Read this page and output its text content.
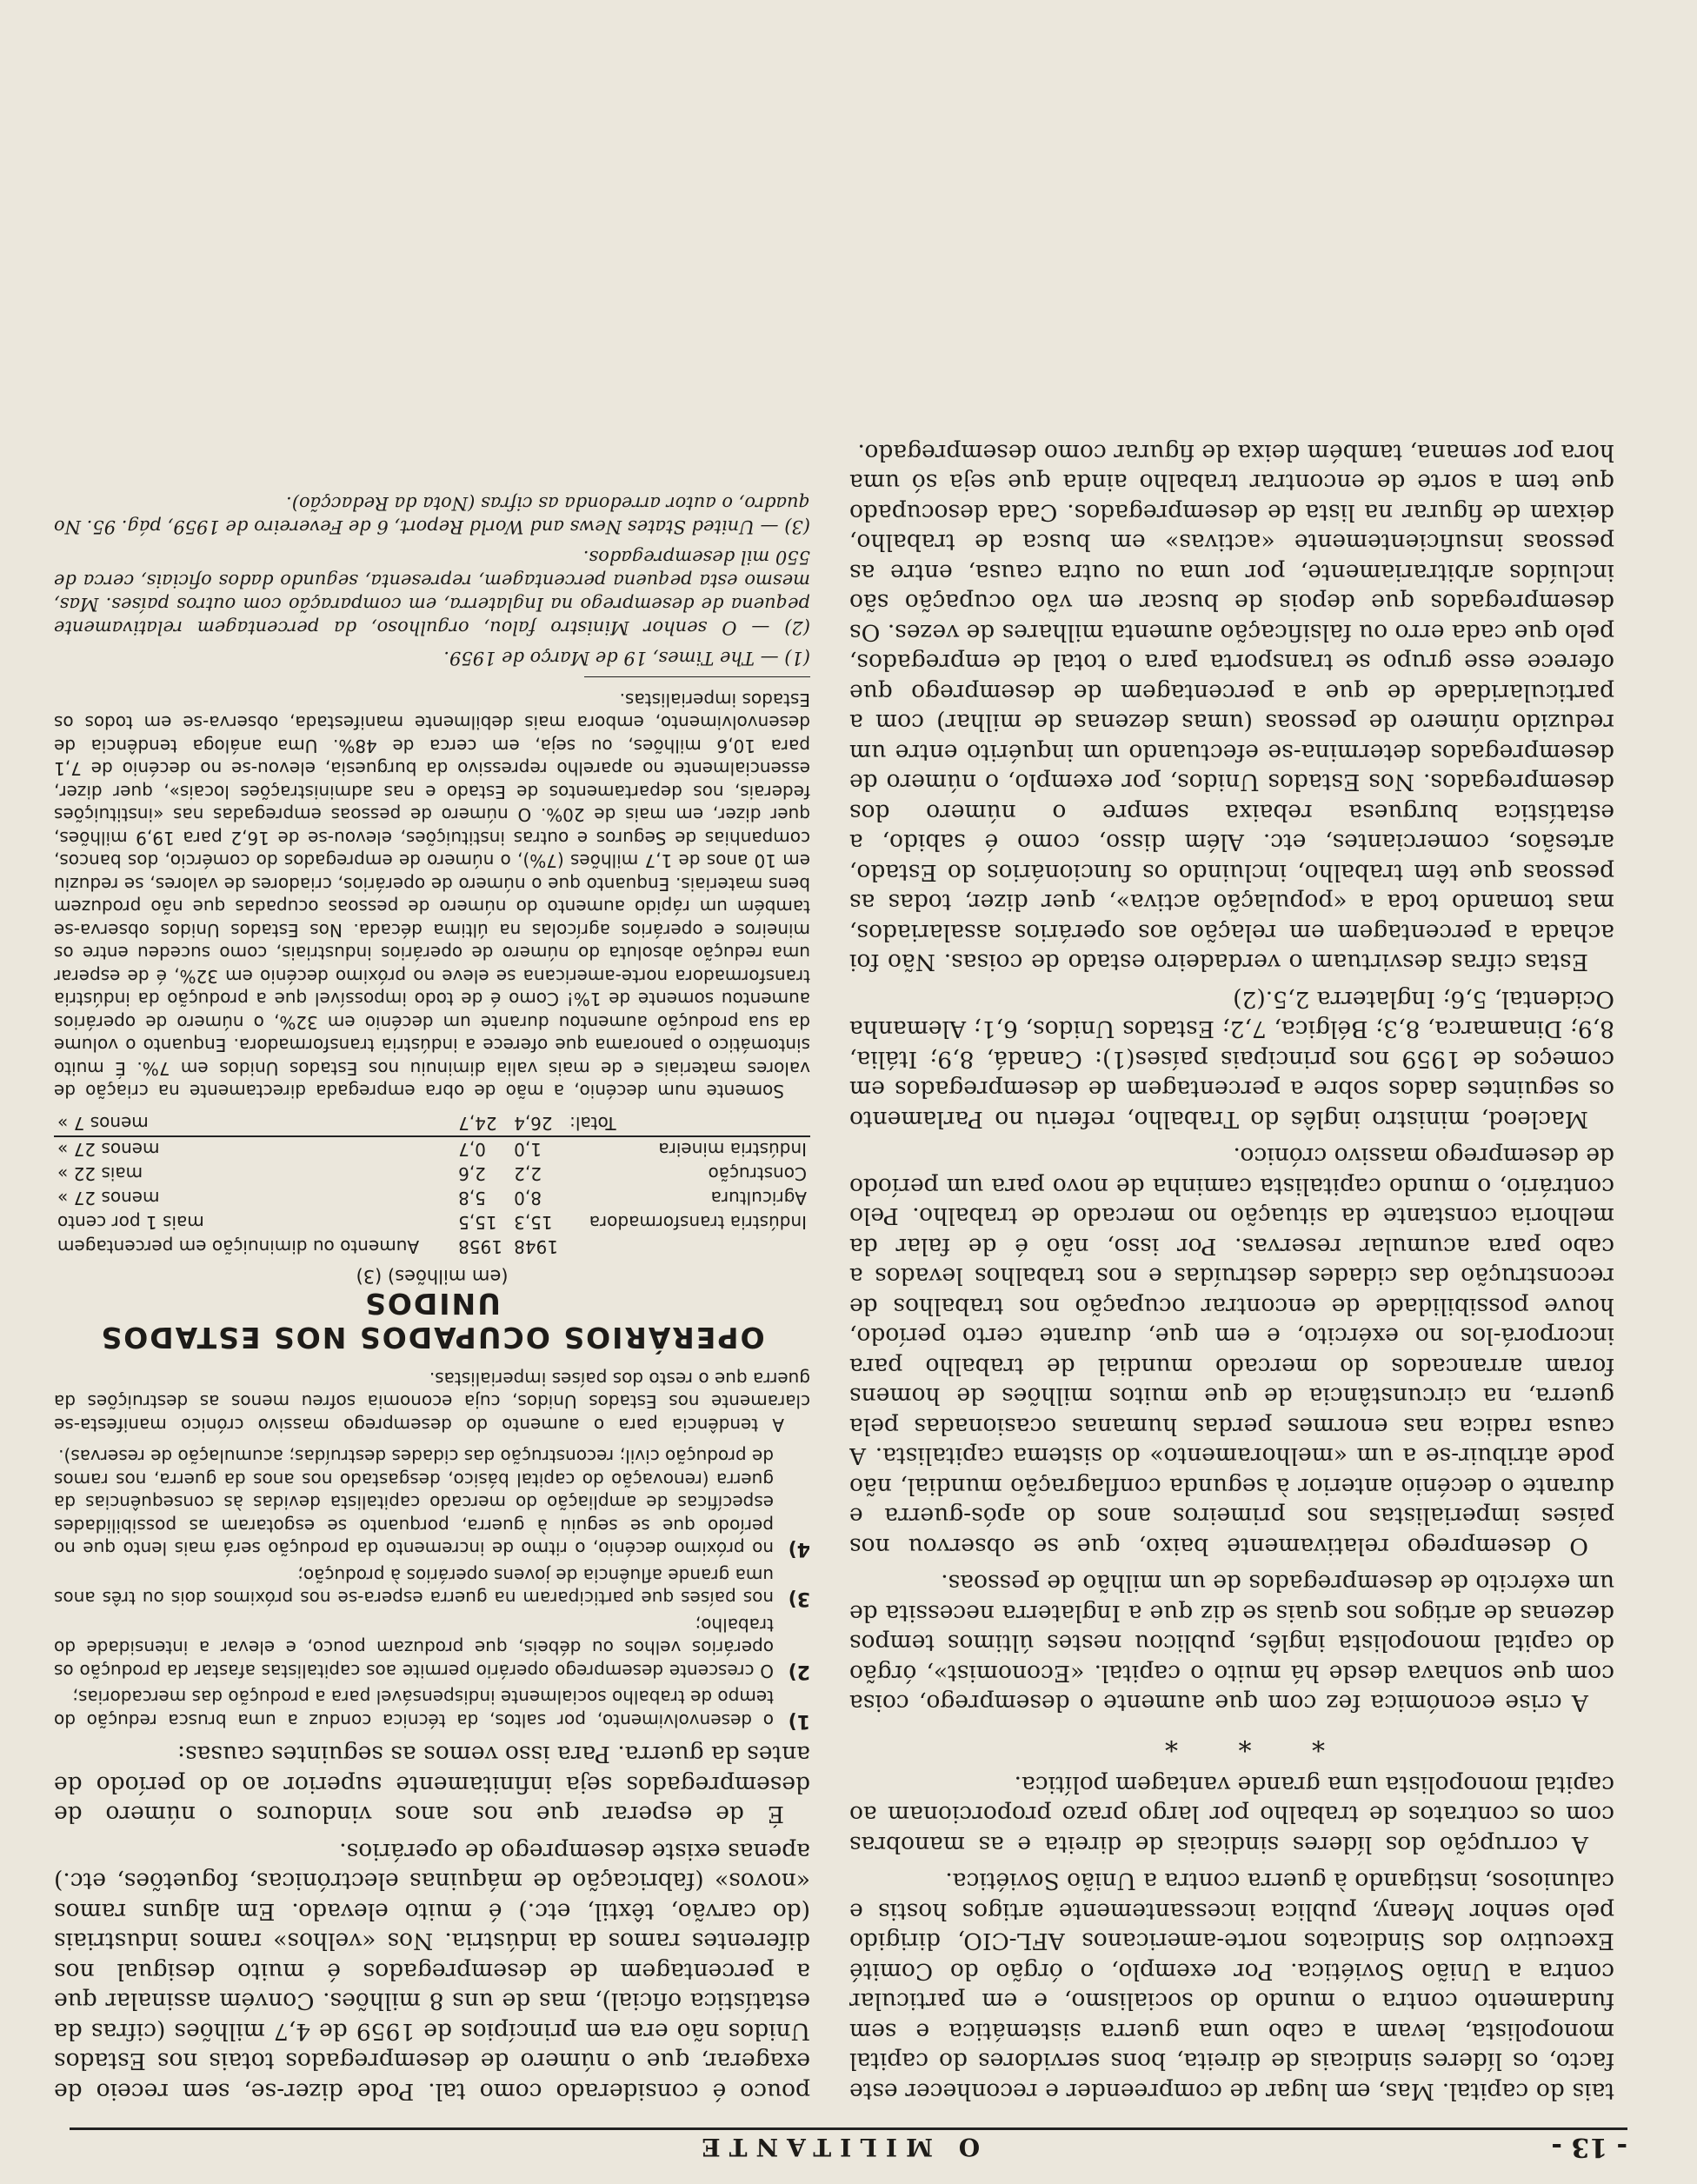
- 13 -
O MILITANTE

tais do capital. Mas, em lugar de compreender e reconhecer este facto, os líderes sindicais de direita, bons servidores do capital monopolista, levam a cabo uma guerra sistemática e sem fundamento contra o mundo do socialismo, e em particular contra a União Soviética. Por exemplo, o órgão do Comité Executivo dos Sindicatos norte-americanos AFL-CIO, dirigido pelo senhor Meany, publica incessantemente artigos hostis e caluniosos, instigando à guerra contra a União Soviética.

A corrupção dos líderes sindicais de direita e as manobras com os contratos de trabalho por largo prazo proporcionam ao capital monopolista uma grande vantagem política.

* * *

A crise económica fez com que aumente o desemprego, coisa com que sonhava desde há muito o capital. «Economist», órgão do capital monopolista inglês, publicou nestes últimos tempos dezenas de artigos nos quais se diz que a Inglaterra necessita de um exército de desempregados de um milhão de pessoas.

O desemprego relativamente baixo, que se observou nos países imperialistas nos primeiros anos do após-guerra e durante o decénio anterior à segunda conflagração mundial, não pode atribuir-se a um «melhoramento» do sistema capitalista. A causa radica nas enormes perdas humanas ocasionadas pela guerra, na circunstância de que muitos milhões de homens foram arrancados do mercado mundial de trabalho para incorporá-los no exército, e em que, durante certo período, houve possibilidade de encontrar ocupação nos trabalhos de reconstrução das cidades destruídas e nos trabalhos levados a cabo para acumular reservas. Por isso, não é de falar da melhoria constante da situação no mercado de trabalho. Pelo contrário, o mundo capitalista caminha de novo para um período de desemprego massivo crónico.

Macleod, ministro inglês do Trabalho, referiu no Parlamento os seguintes dados sobre a percentagem de desempregados em começos de 1959 nos principais países(1): Canadá, 8,9; Itália, 8,9; Dinamarca, 8,3; Bélgica, 7,2; Estados Unidos, 6,1; Alemanha Ocidental, 5,6; Inglaterra 2,5.(2)

Estas cifras desvirtuam o verdadeiro estado de coisas. Não foi achada a percentagem em relação aos operários assalariados, mas tomando toda a «população activa», quer dizer, todas as pessoas que têm trabalho, incluindo os funcionários do Estado, artesãos, comerciantes, etc. Além disso, como é sabido, a estatística burguesa rebaixa sempre o número dos desempregados. Nos Estados Unidos, por exemplo, o número de desempregados determina-se efectuando um inquérito entre um reduzido número de pessoas (umas dezenas de milhar) com a particularidade de que a percentagem de desemprego que oferece esse grupo se transporta para o total de empregados, pelo que cada erro ou falsificação aumenta milhares de vezes. Os desempregados que depois de buscar em vão ocupação são incluídos arbitrariamente, por uma ou outra causa, entre as pessoas insuficientemente «activas» em busca de trabalho, deixam de figurar na lista de desempregados. Cada desocupado que tem a sorte de encontrar trabalho ainda que seja só uma hora por semana, também deixa de figurar como desempregado.

pouco é considerado como tal. Pode dizer-se, sem receio de exagerar, que o número de desempregados totais nos Estados Unidos não era em princípios de 1959 de 4,7 milhões (cifras da estatística oficial), mas de uns 8 milhões. Convém assinalar que a percentagem de desempregados é muito desigual nos diferentes ramos da indústria. Nos «velhos» ramos industriais (do carvão, têxtil, etc.) é muito elevado. Em alguns ramos «novos» (fabricação de máquinas electrónicas, foguetões, etc.) apenas existe desemprego de operários.

É de esperar que nos anos vindouros o número de desempregados seja infinitamente superior ao do período de antes da guerra. Para isso vemos as seguintes causas:

1)
o desenvolvimento, por saltos, da técnica conduz a uma brusca redução do tempo de trabalho socialmente indispensável para a produção das mercadorias;
2)
O crescente desemprego operário permite aos capitalistas afastar da produção os operários velhos ou débeis, que produzam pouco, e elevar a intensidade do trabalho;
3)
nos países que participaram na guerra espera-se nos próximos dois ou três anos uma grande afluência de jovens operários à produção;
4)
no próximo decénio, o ritmo de incremento da produção será mais lento que no período que se seguiu à guerra, porquanto se esgotaram as possibilidades específicas de ampliação do mercado capitalista devidas às consequências da guerra (renovação do capital básico, desgastado nos anos da guerra, nos ramos de produção civil; reconstrução das cidades destruídas; acumulação de reservas).

A tendência para o aumento do desemprego massivo crónico manifesta-se claramente nos Estados Unidos, cuja economia sofreu menos as destruições da guerra que o resto dos países imperialistas.

OPERÁRIOS OCUPADOS NOS ESTADOS UNIDOS
(em milhões) (3)
	1948	1958	Aumento ou diminuição em percentagem
Indústria transformadora	15,3	15,5	mais 1 por cento
Agricultura	8,0	5,8	menos 27 »
Construção	2,2	2,6	mais 22 »
Indústria mineira	1,0	0,7	menos 27 »
Total:	26,4	24,7	menos 7 »

Somente num decénio, a mão de obra empregada directamente na criação de valores materiais e de mais valia diminuiu nos Estados Unidos em 7%. É muito sintomático o panorama que oferece a indústria transformadora. Enquanto o volume da sua produção aumentou durante um decénio em 32%, o número de operários aumentou somente de 1%! Como é de todo impossível que a produção da indústria transformadora norte-americana se eleve no próximo decénio em 32%, é de esperar uma redução absoluta do número de operários industriais, como sucedeu entre os mineiros e operários agrícolas na última década. Nos Estados Unidos observa-se também um rápido aumento do número de pessoas ocupadas que não produzem bens materiais. Enquanto que o número de operários, criadores de valores, se reduziu em 10 anos de 1,7 milhões (7%), o número de empregados do comércio, dos bancos, companhias de Seguros e outras instituições, elevou-se de 16,2 para 19,9 milhões, quer dizer, em mais de 20%. O número de pessoas empregadas nas «instituições federais, nos departamentos de Estado e nas administrações locais», quer dizer, essencialmente no aparelho repressivo da burguesia, elevou-se no decénio de 7,1 para 10,6 milhões, ou seja, em cerca de 48%. Uma análoga tendência de desenvolvimento, embora mais debilmente manifestada, observa-se em todos os Estados imperialistas.

(1) — The Times, 19 de Março de 1959.

(2) — O senhor Ministro falou, orgulhoso, da percentagem relativamente pequena de desemprego na Inglaterra, em comparação com outros países. Mas, mesmo esta pequena percentagem, representa, segundo dados oficiais, cerca de 550 mil desempregados.

(3) — United States News and World Report, 6 de Fevereiro de 1959, pág. 95. No quadro, o autor arredonda as cifras (Nota da Redacção).
